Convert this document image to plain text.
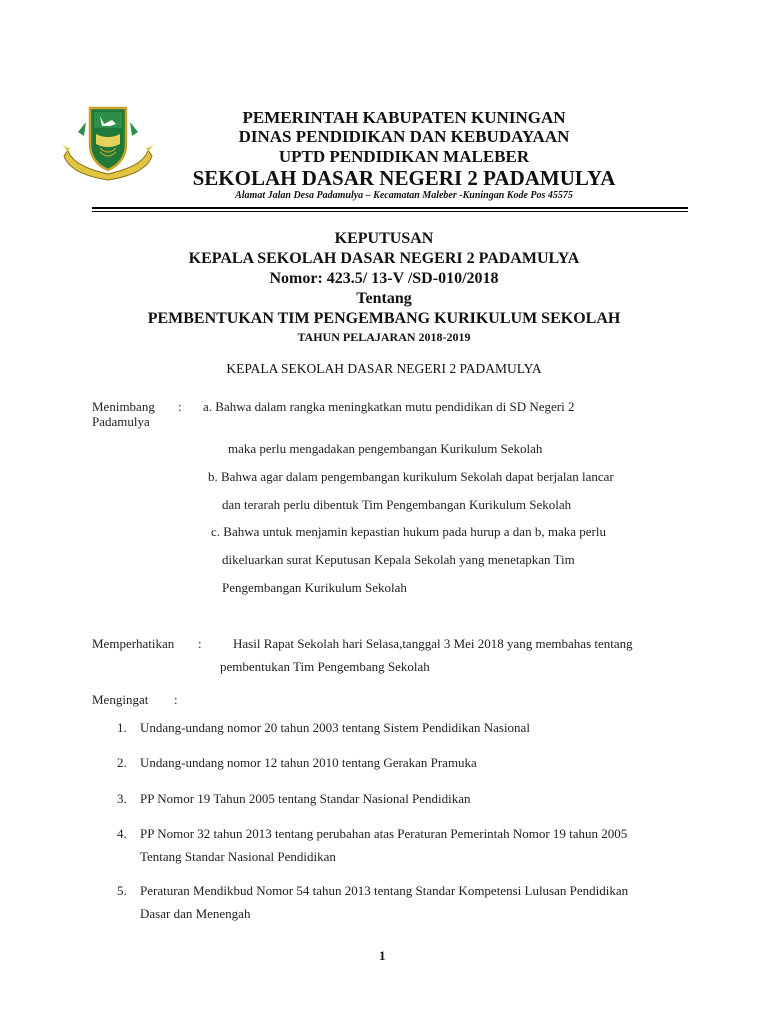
PEMERINTAH KABUPATEN KUNINGAN
DINAS PENDIDIKAN DAN KEBUDAYAAN
UPTD PENDIDIKAN MALEBER
SEKOLAH DASAR NEGERI 2 PADAMULYA
Alamat Jalan Desa Padamulya – Kecamatan Maleber -Kuningan Kode Pos 45575
KEPUTUSAN
KEPALA SEKOLAH DASAR NEGERI 2 PADAMULYA
Nomor: 423.5/ 13-V /SD-010/2018
Tentang
PEMBENTUKAN TIM PENGEMBANG KURIKULUM SEKOLAH
TAHUN PELAJARAN 2018-2019
KEPALA SEKOLAH DASAR NEGERI 2 PADAMULYA
Menimbang : a. Bahwa dalam rangka meningkatkan mutu pendidikan di SD Negeri 2
Padamulya
maka perlu mengadakan pengembangan Kurikulum Sekolah
b. Bahwa agar dalam pengembangan kurikulum Sekolah dapat berjalan lancar
dan terarah perlu dibentuk Tim Pengembangan Kurikulum Sekolah
c. Bahwa untuk menjamin kepastian hukum pada hurup a dan b, maka perlu
dikeluarkan surat Keputusan Kepala Sekolah yang menetapkan Tim
Pengembangan Kurikulum Sekolah
Memperhatikan : Hasil Rapat Sekolah hari Selasa,tanggal 3 Mei 2018 yang membahas tentang
pembentukan Tim Pengembang Sekolah
Mengingat :
1. Undang-undang nomor 20 tahun 2003 tentang Sistem Pendidikan Nasional
2. Undang-undang nomor 12 tahun 2010 tentang Gerakan Pramuka
3. PP Nomor 19 Tahun 2005 tentang Standar Nasional Pendidikan
4. PP Nomor 32 tahun 2013 tentang perubahan atas Peraturan Pemerintah Nomor 19 tahun 2005
Tentang Standar Nasional Pendidikan
5. Peraturan Mendikbud Nomor 54 tahun 2013 tentang Standar Kompetensi Lulusan Pendidikan
Dasar dan Menengah
1
